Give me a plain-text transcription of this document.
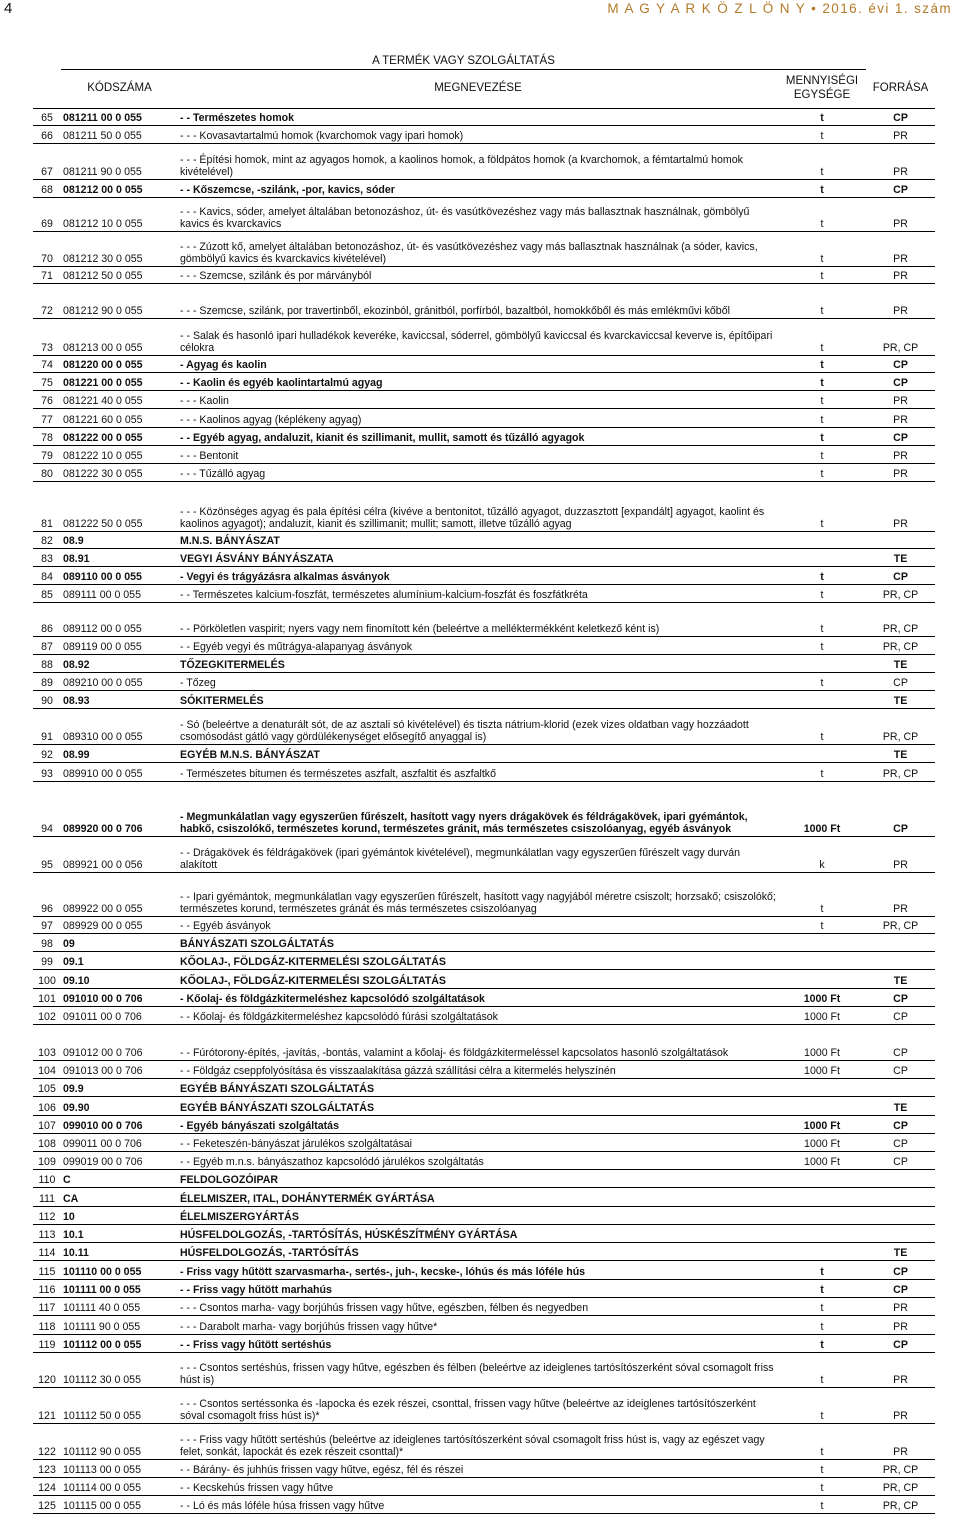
4	M A G Y A R K Ö Z L Ö N Y • 2016. évi 1. szám
	A TERMÉK VAGY SZOLGÁLTATÁS			
	KÓDSZÁMA	MEGNEVEZÉSE	MENNYISÉGI EGYSÉGE	FORRÁSA
65	081211 00 0 055	- - Természetes homok	t	CP
66	081211 50 0 055	- - - Kovasavtartalmú homok (kvarchomok vagy ipari homok)	t	PR
67	081211 90 0 055	- - - Építési homok, mint az agyagos homok, a kaolinos homok, a földpátos homok (a kvarchomok, a fémtartalmú homok kivételével)	t	PR
68	081212 00 0 055	- - Kőszemcse, -szilánk, -por, kavics, sóder	t	CP
69	081212 10 0 055	- - - Kavics, sóder, amelyet általában betonozáshoz, út- és vasútkövezéshez vagy más ballasztnak használnak, gömbölyű kavics és kvarckavics	t	PR
70	081212 30 0 055	- - - Zúzott kő, amelyet általában betonozáshoz, út- és vasútkövezéshez vagy más ballasztnak használnak (a sóder, kavics, gömbölyű kavics és kvarckavics kivételével)	t	PR
71	081212 50 0 055	- - - Szemcse, szilánk és por márványból	t	PR
72	081212 90 0 055	- - - Szemcse, szilánk, por travertinből, ekozinból, gránitból, porfírból, bazaltból, homokkőből és más emlékművi kőből	t	PR
73	081213 00 0 055	- - Salak és hasonló ipari hulladékok keveréke, kaviccsal, sóderrel, gömbölyű kaviccsal és kvarckaviccsal keverve is, építőipari célokra	t	PR, CP
74	081220 00 0 055	- Agyag és kaolin	t	CP
75	081221 00 0 055	- - Kaolin és egyéb kaolintartalmú agyag	t	CP
76	081221 40 0 055	- - - Kaolin	t	PR
77	081221 60 0 055	- - - Kaolinos agyag (képlékeny agyag)	t	PR
78	081222 00 0 055	- - Egyéb agyag, andaluzit, kianit és szillimanit, mullit, samott és tűzálló agyagok	t	CP
79	081222 10 0 055	- - - Bentonit	t	PR
80	081222 30 0 055	- - - Tűzálló agyag	t	PR
81	081222 50 0 055	- - - Közönséges agyag és pala építési célra (kivéve a bentonitot, tűzálló agyagot, duzzasztott [expandált] agyagot, kaolint és kaolinos agyagot); andaluzit, kianit és szillimanit; mullit; samott, illetve tűzálló agyag	t	PR
82	08.9	M.N.S. BÁNYÁSZAT		
83	08.91	VEGYI ÁSVÁNY BÁNYÁSZATA		TE
84	089110 00 0 055	- Vegyi és trágyázásra alkalmas ásványok	t	CP
85	089111 00 0 055	- - Természetes kalcium-foszfát, természetes alumínium-kalcium-foszfát és foszfátkréta	t	PR, CP
86	089112 00 0 055	- - Pörköletlen vaspirit; nyers vagy nem finomított kén (beleértve a melléktermékként keletkező ként is)	t	PR, CP
87	089119 00 0 055	- - Egyéb vegyi és műtrágya-alapanyag ásványok	t	PR, CP
88	08.92	TŐZEGKITERMELÉS		TE
89	089210 00 0 055	- Tőzeg	t	CP
90	08.93	SÓKITERMELÉS		TE
91	089310 00 0 055	- Só (beleértve a denaturált sót, de az asztali só kivételével) és tiszta nátrium-klorid (ezek vizes oldatban vagy hozzáadott csomósodást gátló vagy gördülékenységet elősegítő anyaggal is)	t	PR, CP
92	08.99	EGYÉB M.N.S. BÁNYÁSZAT		TE
93	089910 00 0 055	- Természetes bitumen és természetes aszfalt, aszfaltit és aszfaltkő	t	PR, CP
94	089920 00 0 706	- Megmunkálatlan vagy egyszerűen fűrészelt, hasított vagy nyers drágakövek és féldrágakövek, ipari gyémántok, habkő, csiszolókő, természetes korund, természetes gránit, más természetes csiszolóanyag, egyéb ásványok	1000 Ft	CP
95	089921 00 0 056	- - Drágakövek és féldrágakövek (ipari gyémántok kivételével), megmunkálatlan vagy egyszerűen fűrészelt vagy durván alakított	k	PR
96	089922 00 0 055	- - Ipari gyémántok, megmunkálatlan vagy egyszerűen fűrészelt, hasított vagy nagyjából méretre csiszolt; horzsakő; csiszolókő; természetes korund, természetes gránát és más természetes csiszolóanyag	t	PR
97	089929 00 0 055	- - Egyéb ásványok	t	PR, CP
98	09	BÁNYÁSZATI SZOLGÁLTATÁS		
99	09.1	KŐOLAJ-, FÖLDGÁZ-KITERMELÉSI SZOLGÁLTATÁS		
100	09.10	KŐOLAJ-, FÖLDGÁZ-KITERMELÉSI SZOLGÁLTATÁS		TE
101	091010 00 0 706	- Kőolaj- és földgázkitermeléshez kapcsolódó szolgáltatások	1000 Ft	CP
102	091011 00 0 706	- - Kőolaj- és földgázkitermeléshez kapcsolódó fúrási szolgáltatások	1000 Ft	CP
103	091012 00 0 706	- - Fúrótorony-építés, -javítás, -bontás, valamint a kőolaj- és földgázkitermeléssel kapcsolatos hasonló szolgáltatások	1000 Ft	CP
104	091013 00 0 706	- - Földgáz cseppfolyósítása és visszaalakítása gázzá szállítási célra a kitermelés helyszínén	1000 Ft	CP
105	09.9	EGYÉB BÁNYÁSZATI SZOLGÁLTATÁS		
106	09.90	EGYÉB BÁNYÁSZATI SZOLGÁLTATÁS		TE
107	099010 00 0 706	- Egyéb bányászati szolgáltatás	1000 Ft	CP
108	099011 00 0 706	- - Feketeszén-bányászat járulékos szolgáltatásai	1000 Ft	CP
109	099019 00 0 706	- - Egyéb m.n.s. bányászathoz kapcsolódó járulékos szolgáltatás	1000 Ft	CP
110	C	FELDOLGOZÓIPAR		
111	CA	ÉLELMISZER, ITAL, DOHÁNYTERMÉK GYÁRTÁSA		
112	10	ÉLELMISZERGYÁRTÁS		
113	10.1	HÚSFELDOLGOZÁS, -TARTÓSÍTÁS, HÚSKÉSZÍTMÉNY GYÁRTÁSA		
114	10.11	HÚSFELDOLGOZÁS, -TARTÓSÍTÁS		TE
115	101110 00 0 055	- Friss vagy hűtött szarvasmarha-, sertés-, juh-, kecske-, lóhús és más lóféle hús	t	CP
116	101111 00 0 055	- - Friss vagy hűtött marhahús	t	CP
117	101111 40 0 055	- - - Csontos marha- vagy borjúhús frissen vagy hűtve, egészben, félben és negyedben	t	PR
118	101111 90 0 055	- - - Darabolt marha- vagy borjúhús frissen vagy hűtve*	t	PR
119	101112 00 0 055	- - Friss vagy hűtött sertéshús	t	CP
120	101112 30 0 055	- - - Csontos sertéshús, frissen vagy hűtve, egészben és félben (beleértve az ideiglenes tartósítószerként sóval csomagolt friss húst is)	t	PR
121	101112 50 0 055	- - - Csontos sertéssonka és -lapocka és ezek részei, csonttal, frissen vagy hűtve (beleértve az ideiglenes tartósítószerként sóval csomagolt friss húst is)*	t	PR
122	101112 90 0 055	- - - Friss vagy hűtött sertéshús (beleértve az ideiglenes tartósítószerként sóval csomagolt friss húst is, vagy az egészet vagy felet, sonkát, lapockát és ezek részeit csonttal)*	t	PR
123	101113 00 0 055	- - Bárány- és juhhús frissen vagy hűtve, egész, fél és részei	t	PR, CP
124	101114 00 0 055	- - Kecskehús frissen vagy hűtve	t	PR, CP
125	101115 00 0 055	- - Ló és más lóféle húsa frissen vagy hűtve	t	PR, CP
